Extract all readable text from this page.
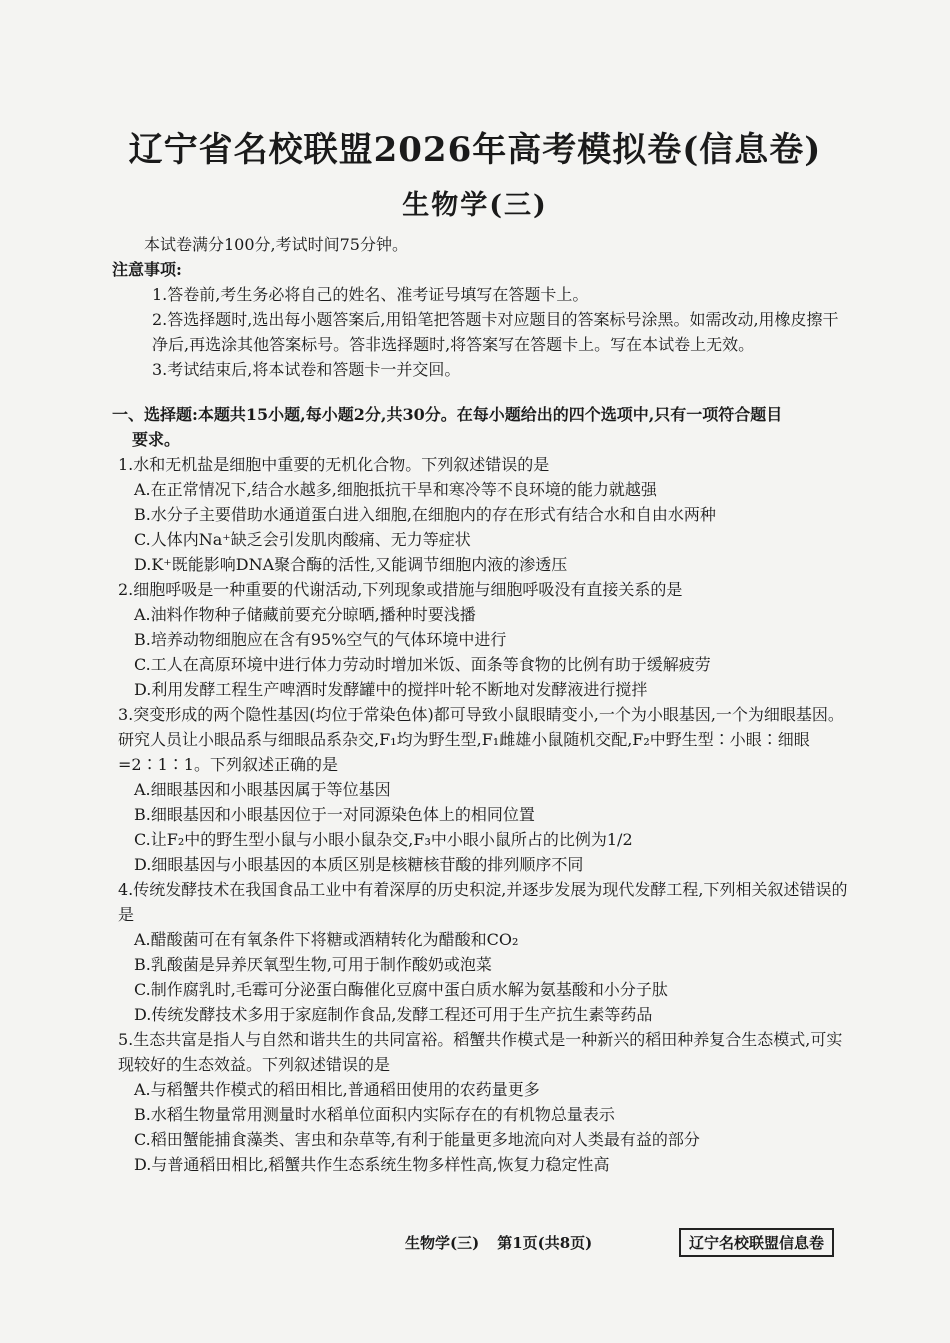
辽宁省名校联盟2026年高考模拟卷(信息卷)
生物学(三)
本试卷满分100分,考试时间75分钟。
注意事项:
1.答卷前,考生务必将自己的姓名、准考证号填写在答题卡上。
2.答选择题时,选出每小题答案后,用铅笔把答题卡对应题目的答案标号涂黑。如需改动,用橡皮擦干净后,再选涂其他答案标号。答非选择题时,将答案写在答题卡上。写在本试卷上无效。
3.考试结束后,将本试卷和答题卡一并交回。
一、选择题:本题共15小题,每小题2分,共30分。在每小题给出的四个选项中,只有一项符合题目
要求。
1.水和无机盐是细胞中重要的无机化合物。下列叙述错误的是
A.在正常情况下,结合水越多,细胞抵抗干旱和寒冷等不良环境的能力就越强
B.水分子主要借助水通道蛋白进入细胞,在细胞内的存在形式有结合水和自由水两种
C.人体内Na⁺缺乏会引发肌肉酸痛、无力等症状
D.K⁺既能影响DNA聚合酶的活性,又能调节细胞内液的渗透压
2.细胞呼吸是一种重要的代谢活动,下列现象或措施与细胞呼吸没有直接关系的是
A.油料作物种子储藏前要充分晾晒,播种时要浅播
B.培养动物细胞应在含有95%空气的气体环境中进行
C.工人在高原环境中进行体力劳动时增加米饭、面条等食物的比例有助于缓解疲劳
D.利用发酵工程生产啤酒时发酵罐中的搅拌叶轮不断地对发酵液进行搅拌
3.突变形成的两个隐性基因(均位于常染色体)都可导致小鼠眼睛变小,一个为小眼基因,一个为细眼基因。研究人员让小眼品系与细眼品系杂交,F₁均为野生型,F₁雌雄小鼠随机交配,F₂中野生型∶小眼∶细眼=2∶1∶1。下列叙述正确的是
A.细眼基因和小眼基因属于等位基因
B.细眼基因和小眼基因位于一对同源染色体上的相同位置
C.让F₂中的野生型小鼠与小眼小鼠杂交,F₃中小眼小鼠所占的比例为1/2
D.细眼基因与小眼基因的本质区别是核糖核苷酸的排列顺序不同
4.传统发酵技术在我国食品工业中有着深厚的历史积淀,并逐步发展为现代发酵工程,下列相关叙述错误的是
A.醋酸菌可在有氧条件下将糖或酒精转化为醋酸和CO₂
B.乳酸菌是异养厌氧型生物,可用于制作酸奶或泡菜
C.制作腐乳时,毛霉可分泌蛋白酶催化豆腐中蛋白质水解为氨基酸和小分子肽
D.传统发酵技术多用于家庭制作食品,发酵工程还可用于生产抗生素等药品
5.生态共富是指人与自然和谐共生的共同富裕。稻蟹共作模式是一种新兴的稻田种养复合生态模式,可实现较好的生态效益。下列叙述错误的是
A.与稻蟹共作模式的稻田相比,普通稻田使用的农药量更多
B.水稻生物量常用测量时水稻单位面积内实际存在的有机物总量表示
C.稻田蟹能捕食藻类、害虫和杂草等,有利于能量更多地流向对人类最有益的部分
D.与普通稻田相比,稻蟹共作生态系统生物多样性高,恢复力稳定性高
生物学(三) 第1页(共8页)	辽宁名校联盟信息卷
